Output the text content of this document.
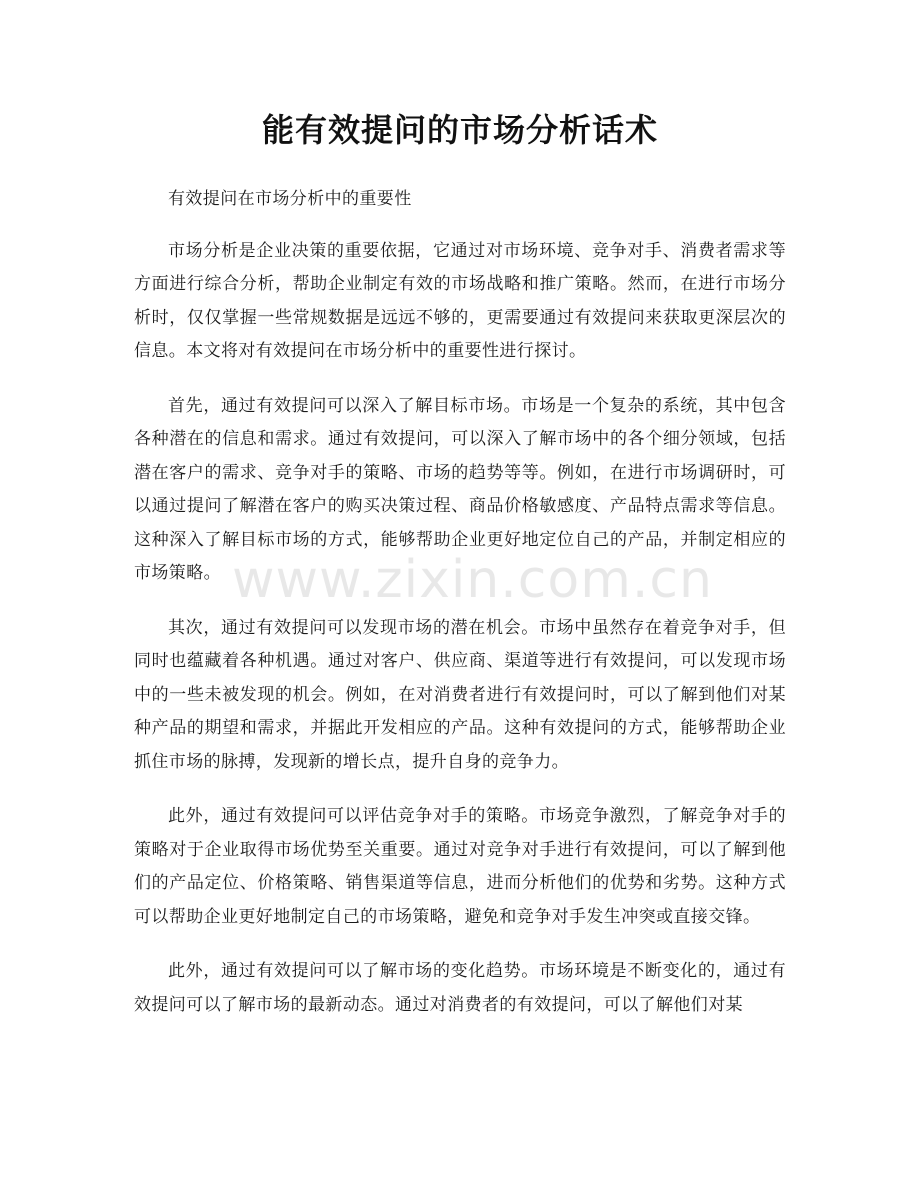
能有效提问的市场分析话术

有效提问在市场分析中的重要性

市场分析是企业决策的重要依据，它通过对市场环境、竞争对手、消费者需求等方面进行综合分析，帮助企业制定有效的市场战略和推广策略。然而，在进行市场分析时，仅仅掌握一些常规数据是远远不够的，更需要通过有效提问来获取更深层次的信息。本文将对有效提问在市场分析中的重要性进行探讨。

首先，通过有效提问可以深入了解目标市场。市场是一个复杂的系统，其中包含各种潜在的信息和需求。通过有效提问，可以深入了解市场中的各个细分领域，包括潜在客户的需求、竞争对手的策略、市场的趋势等等。例如，在进行市场调研时，可以通过提问了解潜在客户的购买决策过程、商品价格敏感度、产品特点需求等信息。这种深入了解目标市场的方式，能够帮助企业更好地定位自己的产品，并制定相应的市场策略。

其次，通过有效提问可以发现市场的潜在机会。市场中虽然存在着竞争对手，但同时也蕴藏着各种机遇。通过对客户、供应商、渠道等进行有效提问，可以发现市场中的一些未被发现的机会。例如，在对消费者进行有效提问时，可以了解到他们对某种产品的期望和需求，并据此开发相应的产品。这种有效提问的方式，能够帮助企业抓住市场的脉搏，发现新的增长点，提升自身的竞争力。

此外，通过有效提问可以评估竞争对手的策略。市场竞争激烈，了解竞争对手的策略对于企业取得市场优势至关重要。通过对竞争对手进行有效提问，可以了解到他们的产品定位、价格策略、销售渠道等信息，进而分析他们的优势和劣势。这种方式可以帮助企业更好地制定自己的市场策略，避免和竞争对手发生冲突或直接交锋。

此外，通过有效提问可以了解市场的变化趋势。市场环境是不断变化的，通过有效提问可以了解市场的最新动态。通过对消费者的有效提问，可以了解他们对某

www.zixin.com.cn
